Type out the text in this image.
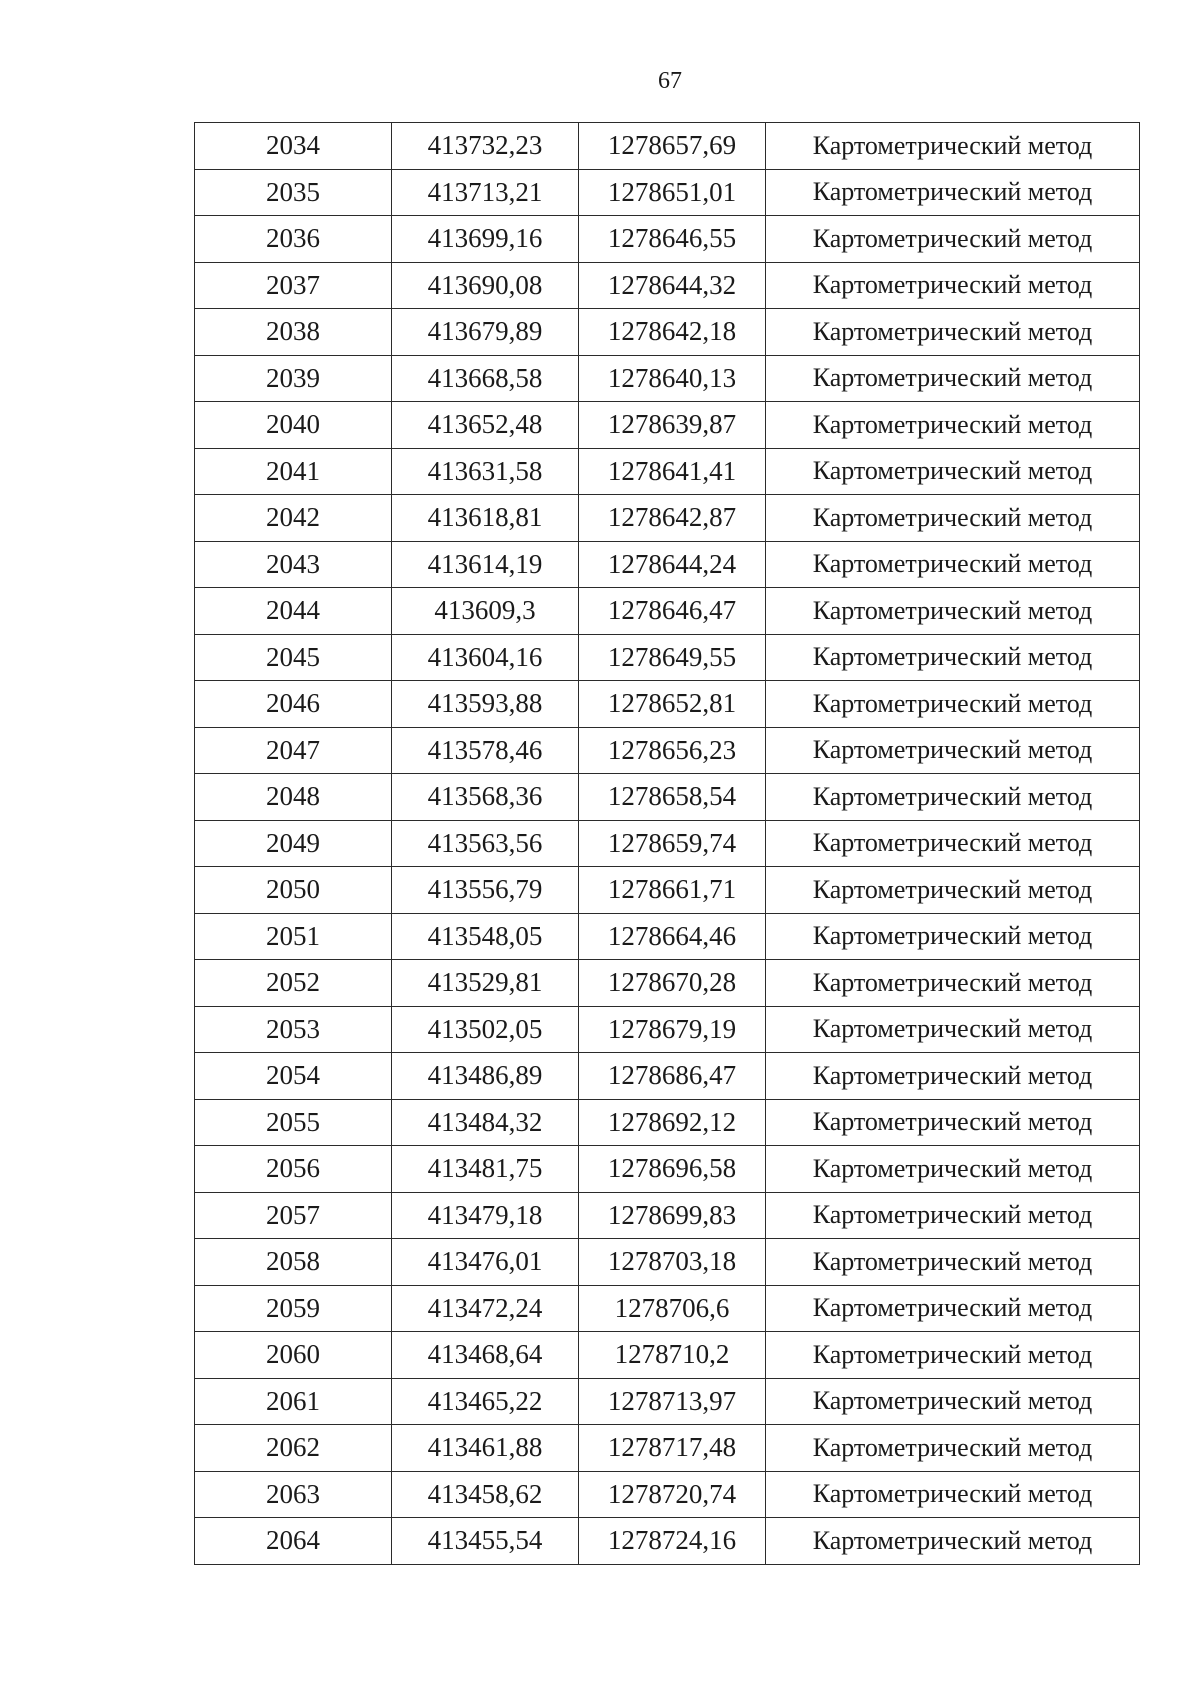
67
2034	413732,23	1278657,69	Картометрический метод
2035	413713,21	1278651,01	Картометрический метод
2036	413699,16	1278646,55	Картометрический метод
2037	413690,08	1278644,32	Картометрический метод
2038	413679,89	1278642,18	Картометрический метод
2039	413668,58	1278640,13	Картометрический метод
2040	413652,48	1278639,87	Картометрический метод
2041	413631,58	1278641,41	Картометрический метод
2042	413618,81	1278642,87	Картометрический метод
2043	413614,19	1278644,24	Картометрический метод
2044	413609,3	1278646,47	Картометрический метод
2045	413604,16	1278649,55	Картометрический метод
2046	413593,88	1278652,81	Картометрический метод
2047	413578,46	1278656,23	Картометрический метод
2048	413568,36	1278658,54	Картометрический метод
2049	413563,56	1278659,74	Картометрический метод
2050	413556,79	1278661,71	Картометрический метод
2051	413548,05	1278664,46	Картометрический метод
2052	413529,81	1278670,28	Картометрический метод
2053	413502,05	1278679,19	Картометрический метод
2054	413486,89	1278686,47	Картометрический метод
2055	413484,32	1278692,12	Картометрический метод
2056	413481,75	1278696,58	Картометрический метод
2057	413479,18	1278699,83	Картометрический метод
2058	413476,01	1278703,18	Картометрический метод
2059	413472,24	1278706,6	Картометрический метод
2060	413468,64	1278710,2	Картометрический метод
2061	413465,22	1278713,97	Картометрический метод
2062	413461,88	1278717,48	Картометрический метод
2063	413458,62	1278720,74	Картометрический метод
2064	413455,54	1278724,16	Картометрический метод
